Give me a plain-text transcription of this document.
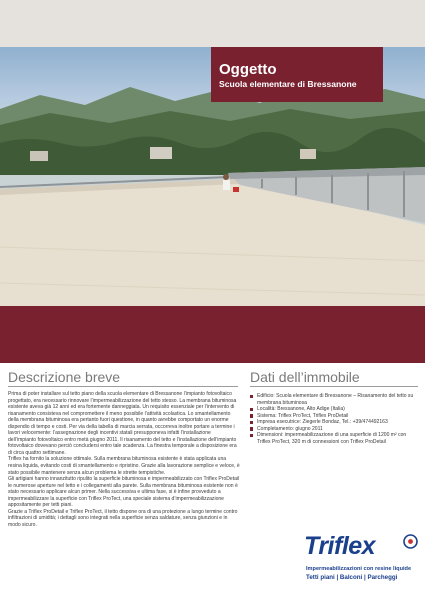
Oggetto
Scuola elementare di Bressanone
Descrizione breve	Dati dell’immobile

Prima di poter installare sul tetto piano della scuola elementare di Bressanone l’impianto fotovoltaico progettato, era necessario rinnovare l’impermeabilizzazione del tetto stesso. La membrana bituminosa esistente aveva già 12 anni ed era fortemente danneggiata. Un requisito essenziale per l’intervento di risanamento consisteva nel compromettere il meno possibile l’attività scolastica. Lo smantellamento della membrana bituminosa era pertanto fuori questione, in quanto avrebbe comportato un enorme dispendio di tempo e costi. Per via della tabella di marcia serrata, occorreva inoltre portare a termine i lavori velocemente: l’assegnazione degli incentivi statali presupponeva infatti l’installazione dell’impianto fotovoltaico entro metà giugno 2011. Il risanamento del tetto e l’installazione dell’impianto fotovoltaico dovevano perciò concludersi entro tale scadenza. La finestra temporale a disposizione era di circa quattro settimane.

Triflex ha fornito la soluzione ottimale. Sulla membrana bituminosa esistente è stata applicata una resina liquida, evitando costi di smantellamento e ripristino. Grazie alla lavorazione semplice e veloce, è stato possibile mantenere senza alcun problema le strette tempistiche.

Gli artigiani hanno innanzitutto ripulito la superficie bituminosa e impermeabilizzato con Triflex ProDetail le numerose aperture nel tetto e i collegamenti alla parete. Sulla membrana bituminosa esistente non è stato necessario applicare alcun primer. Nella successiva e ultima fase, si è infine provveduto a impermeabilizzare la superficie con Triflex ProTect, una speciale sistema d’impermeabilizzazione appositamente per tetti piani.

Grazie a Triflex ProDetail e Triflex ProTect, il tetto dispone ora di una protezione a lungo termine contro infiltrazioni di umidità; i dettagli sono integrati nella superficie senza saldature, senza giunzioni e in modo sicuro.

Edificio: Scuola elementare di Bressanone – Risanamento del tetto su membrana bituminosa
Località: Bressanone, Alto Adige (Italia)
Sistema: Triflex ProTect, Triflex ProDetail
Impresa esecutrice: Ziegerle Bondaz, Tel.: +39/474492163
Completamento: giugno 2011
Dimensioni: impermeabilizzazione di una superficie di 1200 m² con Triflex ProTect, 320 m di connessioni con Triflex ProDetail
Triflex
Impermeabilizzazioni con resine liquide
Tetti piani | Balconi | Parcheggi
